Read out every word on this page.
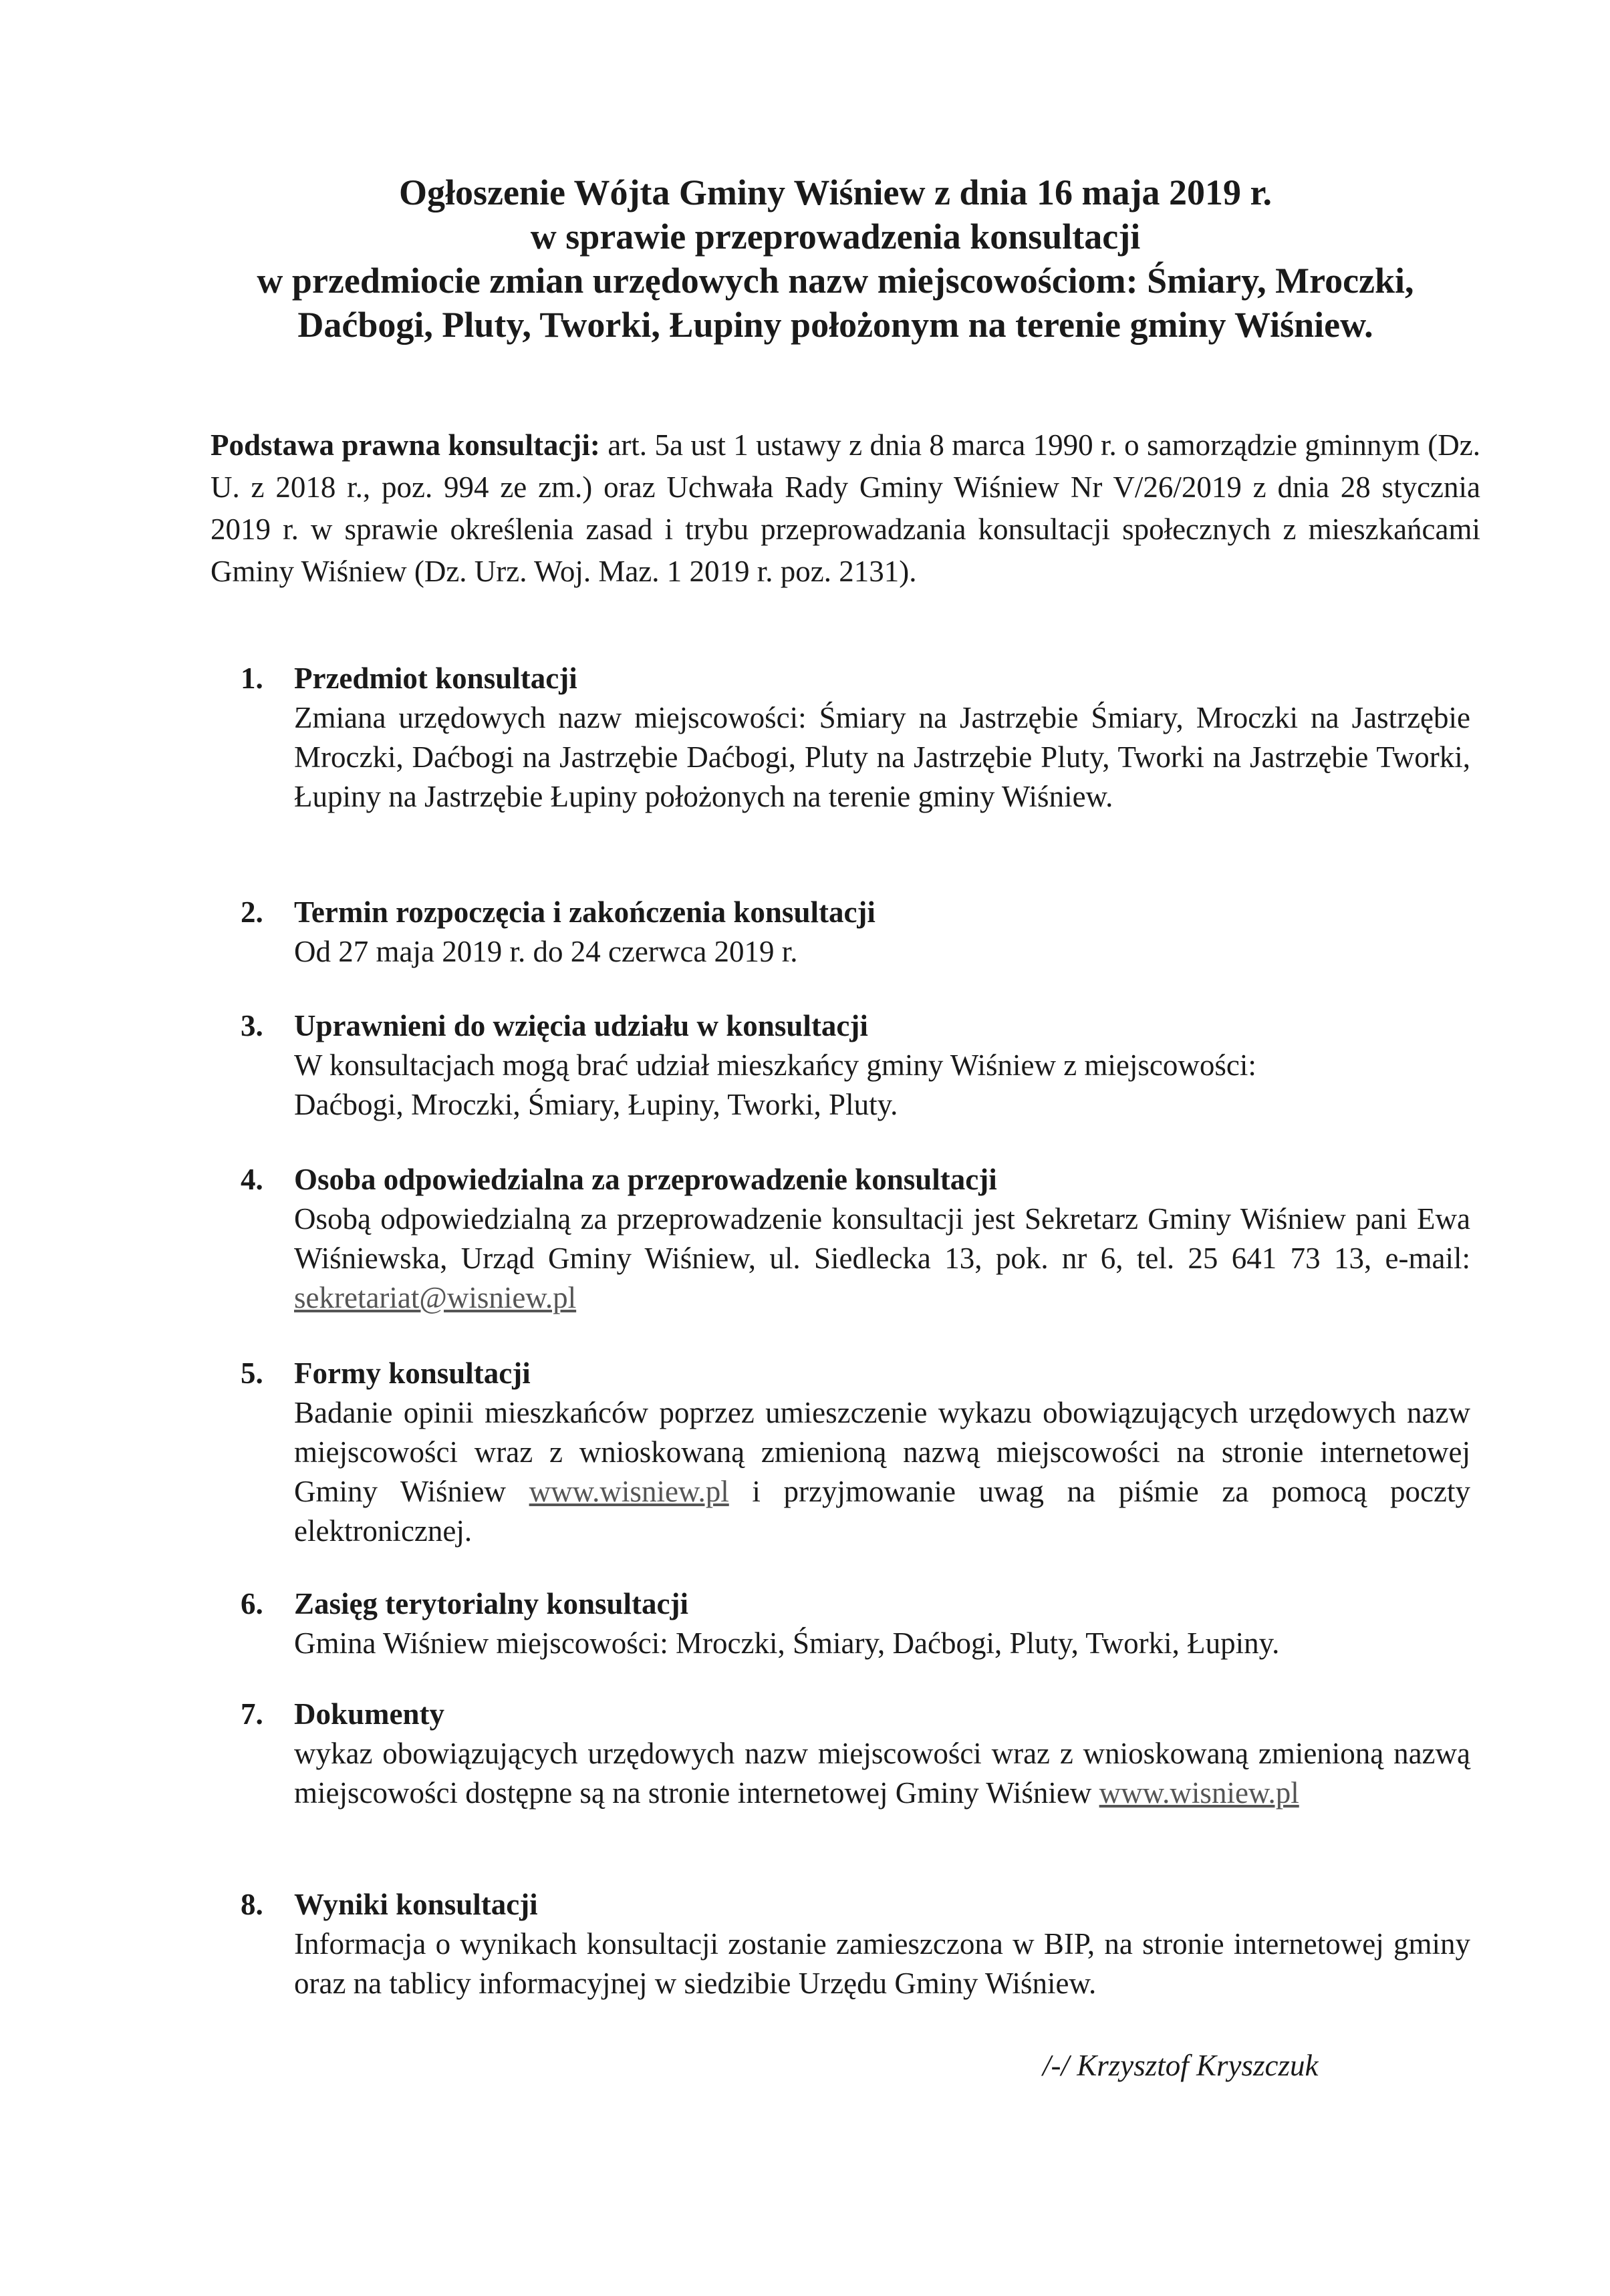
Ogłoszenie Wójta Gminy Wiśniew z dnia 16 maja 2019 r.
w sprawie przeprowadzenia konsultacji
w przedmiocie zmian urzędowych nazw miejscowościom: Śmiary, Mroczki,
Daćbogi, Pluty, Tworki, Łupiny położonym na terenie gminy Wiśniew.
Podstawa prawna konsultacji: art. 5a ust 1 ustawy z dnia 8 marca 1990 r. o samorządzie gminnym (Dz. U. z 2018 r., poz. 994 ze zm.) oraz Uchwała Rady Gminy Wiśniew Nr V/26/2019 z dnia 28 stycznia 2019 r. w sprawie określenia zasad i trybu przeprowadzania konsultacji społecznych z mieszkańcami Gminy Wiśniew (Dz. Urz. Woj. Maz. 1 2019 r. poz. 2131).
1. Przedmiot konsultacji
Zmiana urzędowych nazw miejscowości: Śmiary na Jastrzębie Śmiary, Mroczki na Jastrzębie Mroczki, Daćbogi na Jastrzębie Daćbogi, Pluty na Jastrzębie Pluty, Tworki na Jastrzębie Tworki, Łupiny na Jastrzębie Łupiny położonych na terenie gminy Wiśniew.
2. Termin rozpoczęcia i zakończenia konsultacji
Od 27 maja 2019 r. do 24 czerwca 2019 r.
3. Uprawnieni do wzięcia udziału w konsultacji
W konsultacjach mogą brać udział mieszkańcy gminy Wiśniew z miejscowości:
Daćbogi, Mroczki, Śmiary, Łupiny, Tworki, Pluty.
4. Osoba odpowiedzialna za przeprowadzenie konsultacji
Osobą odpowiedzialną za przeprowadzenie konsultacji jest Sekretarz Gminy Wiśniew pani Ewa Wiśniewska, Urząd Gminy Wiśniew, ul. Siedlecka 13, pok. nr 6, tel. 25 641 73 13, e-mail: sekretariat@wisniew.pl
5. Formy konsultacji
Badanie opinii mieszkańców poprzez umieszczenie wykazu obowiązujących urzędowych nazw miejscowości wraz z wnioskowaną zmienioną nazwą miejscowości na stronie internetowej Gminy Wiśniew www.wisniew.pl i przyjmowanie uwag na piśmie za pomocą poczty elektronicznej.
6. Zasięg terytorialny konsultacji
Gmina Wiśniew miejscowości: Mroczki, Śmiary, Daćbogi, Pluty, Tworki, Łupiny.
7. Dokumenty
wykaz obowiązujących urzędowych nazw miejscowości wraz z wnioskowaną zmienioną nazwą miejscowości dostępne są na stronie internetowej Gminy Wiśniew www.wisniew.pl
8. Wyniki konsultacji
Informacja o wynikach konsultacji zostanie zamieszczona w BIP, na stronie internetowej gminy oraz na tablicy informacyjnej w siedzibie Urzędu Gminy Wiśniew.
/-/ Krzysztof Kryszczuk
